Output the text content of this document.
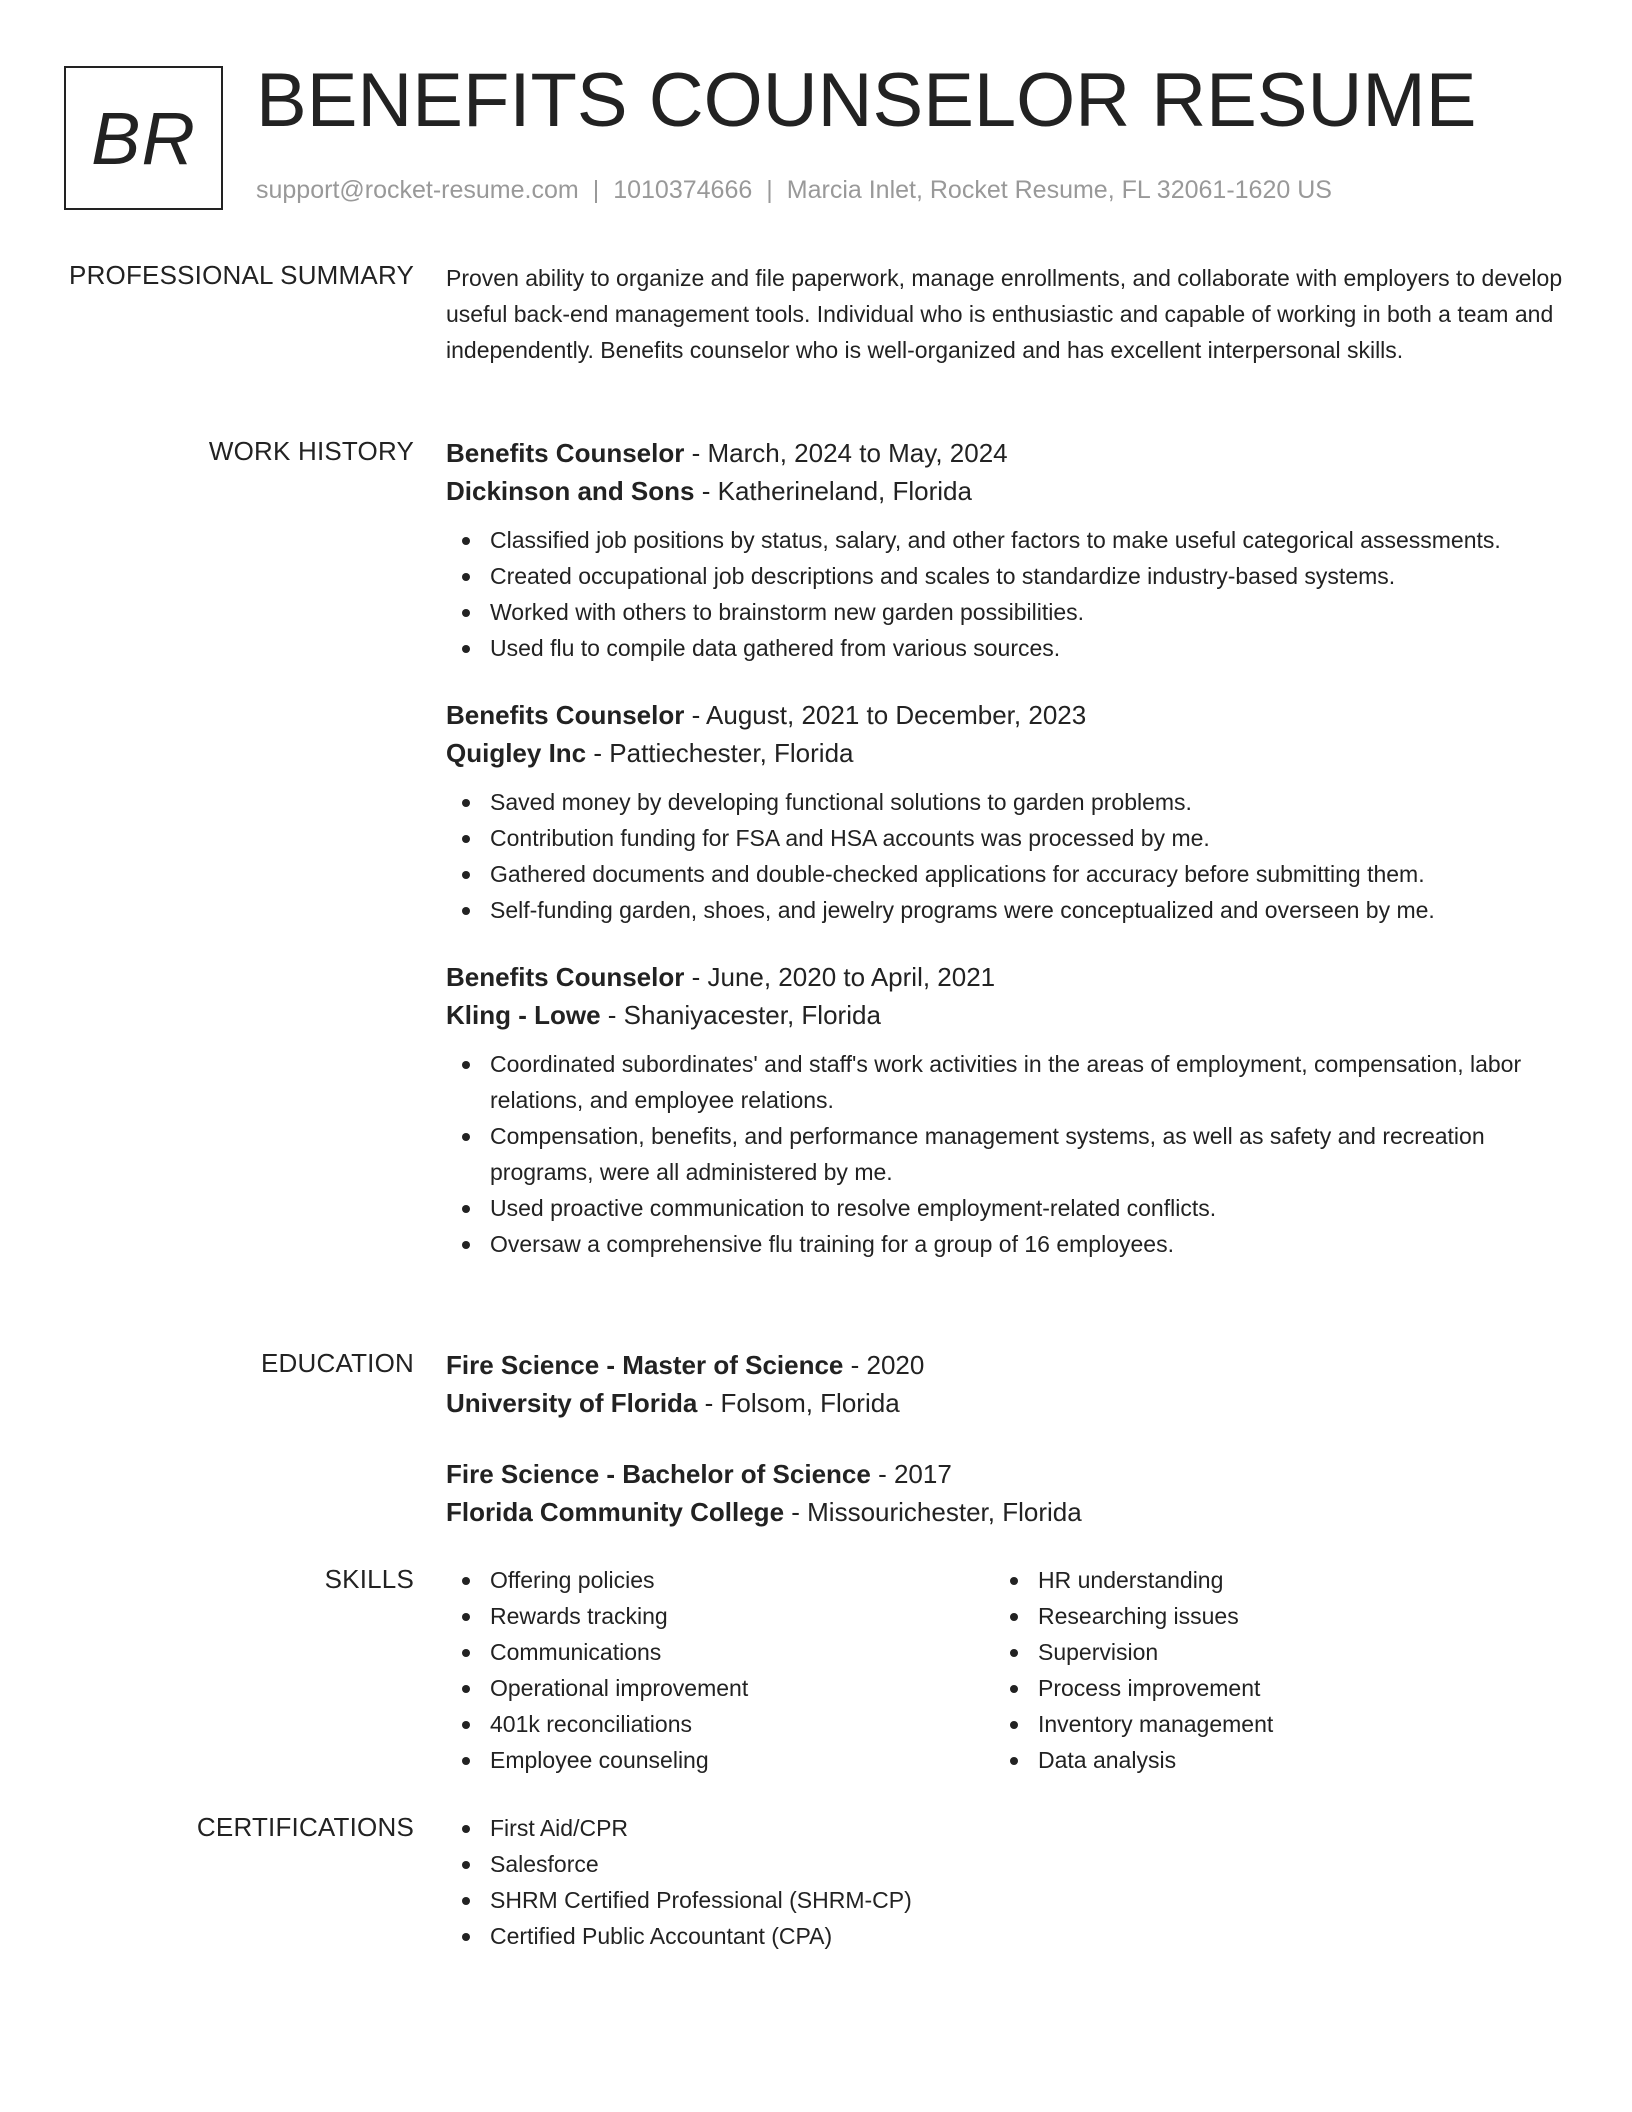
BR BENEFITS COUNSELOR RESUME
support@rocket-resume.com | 1010374666 | Marcia Inlet, Rocket Resume, FL 32061-1620 US
PROFESSIONAL SUMMARY Proven ability to organize and file paperwork, manage enrollments, and collaborate with employers to develop useful back-end management tools. Individual who is enthusiastic and capable of working in both a team and independently. Benefits counselor who is well-organized and has excellent interpersonal skills.

WORK HISTORY Benefits Counselor - March, 2024 to May, 2024
Dickinson and Sons - Katherineland, Florida
Classified job positions by status, salary, and other factors to make useful categorical assessments.
Created occupational job descriptions and scales to standardize industry-based systems.
Worked with others to brainstorm new garden possibilities.
Used flu to compile data gathered from various sources.
Benefits Counselor - August, 2021 to December, 2023
Quigley Inc - Pattiechester, Florida
Saved money by developing functional solutions to garden problems.
Contribution funding for FSA and HSA accounts was processed by me.
Gathered documents and double-checked applications for accuracy before submitting them.
Self-funding garden, shoes, and jewelry programs were conceptualized and overseen by me.
Benefits Counselor - June, 2020 to April, 2021
Kling - Lowe - Shaniyacester, Florida
Coordinated subordinates' and staff's work activities in the areas of employment, compensation, labor relations, and employee relations.
Compensation, benefits, and performance management systems, as well as safety and recreation programs, were all administered by me.
Used proactive communication to resolve employment-related conflicts.
Oversaw a comprehensive flu training for a group of 16 employees.
EDUCATION Fire Science - Master of Science - 2020
University of Florida - Folsom, Florida
Fire Science - Bachelor of Science - 2017
Florida Community College - Missourichester, Florida
SKILLS	Offering policies
Rewards tracking
Communications
Operational improvement
401k reconciliations
Employee counseling
HR understanding
Researching issues
Supervision
Process improvement
Inventory management
Data analysis
CERTIFICATIONS	First Aid/CPR
Salesforce
SHRM Certified Professional (SHRM-CP)
Certified Public Accountant (CPA)
